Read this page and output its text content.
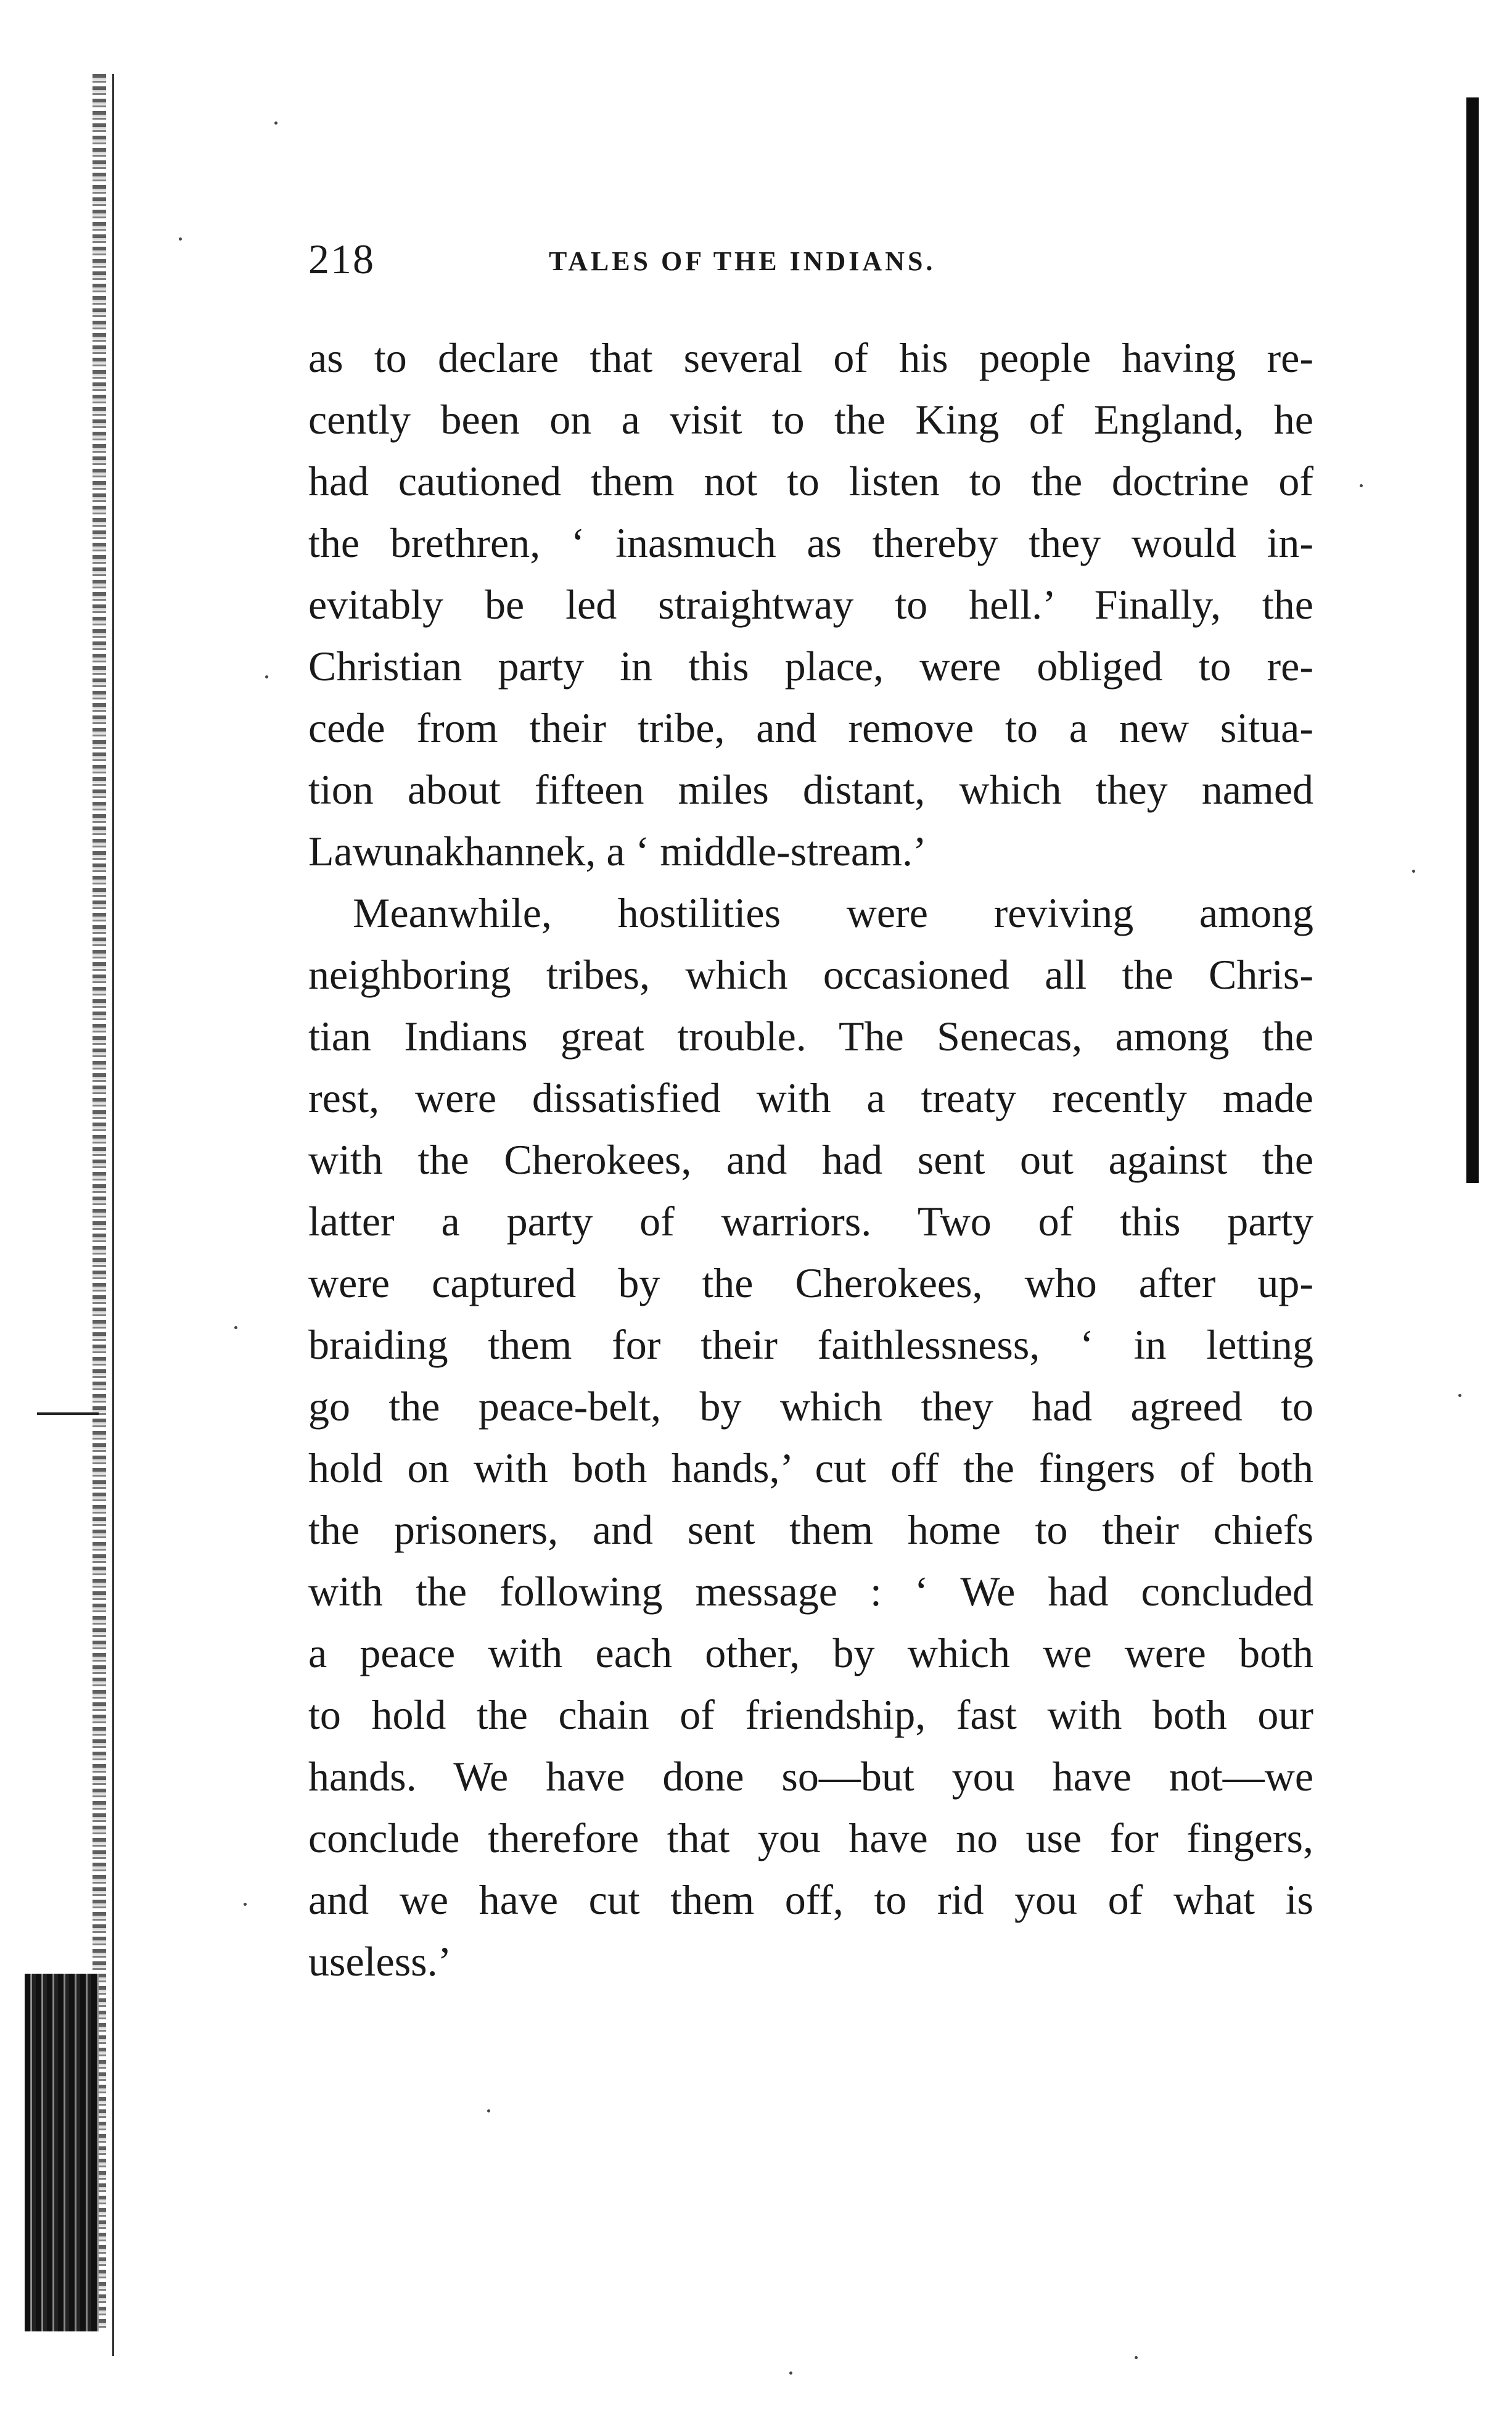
218	TALES OF THE INDIANS.
as to declare that several of his people having re-
cently been on a visit to the King of England, he
had cautioned them not to listen to the doctrine of
the brethren, ‘ inasmuch as thereby they would in-
evitably be led straightway to hell.’ Finally, the
Christian party in this place, were obliged to re-
cede from their tribe, and remove to a new situa-
tion about fifteen miles distant, which they named
Lawunakhannek, a ‘ middle-stream.’
Meanwhile, hostilities were reviving among
neighboring tribes, which occasioned all the Chris-
tian Indians great trouble. The Senecas, among the
rest, were dissatisfied with a treaty recently made
with the Cherokees, and had sent out against the
latter a party of warriors. Two of this party
were captured by the Cherokees, who after up-
braiding them for their faithlessness, ‘ in letting
go the peace-belt, by which they had agreed to
hold on with both hands,’ cut off the fingers of both
the prisoners, and sent them home to their chiefs
with the following message : ‘ We had concluded
a peace with each other, by which we were both
to hold the chain of friendship, fast with both our
hands. We have done so—but you have not—we
conclude therefore that you have no use for fingers,
and we have cut them off, to rid you of what is
useless.’
